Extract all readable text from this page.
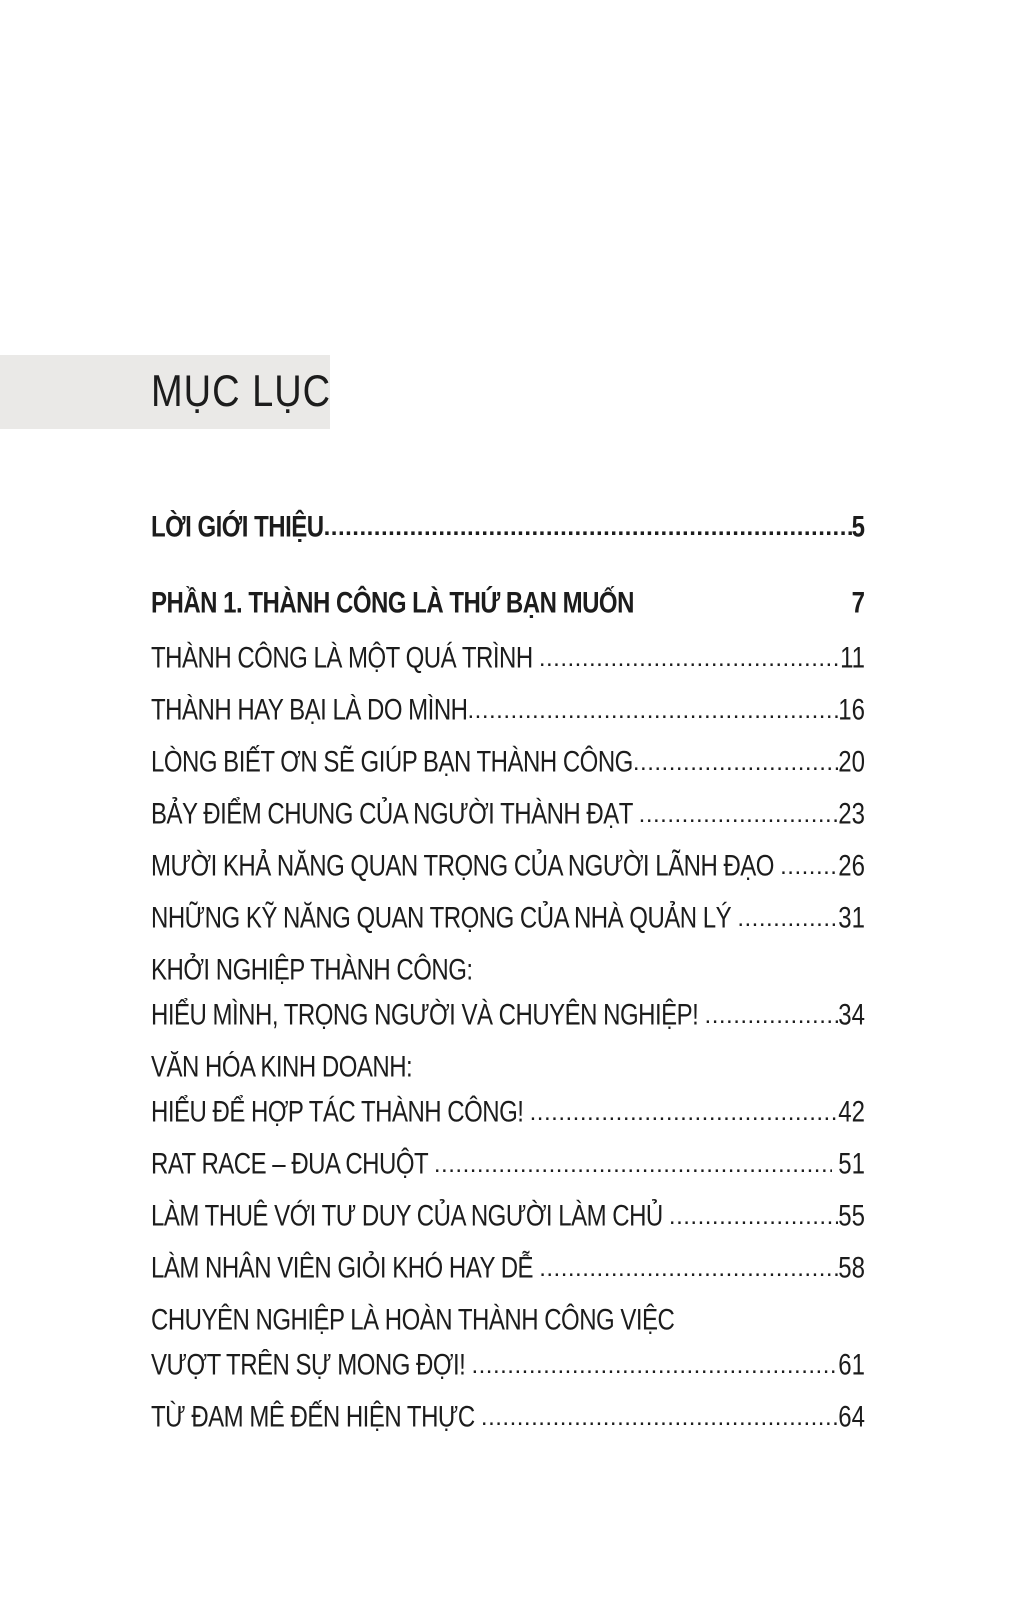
MỤC LỤC
LỜI GIỚI THIỆU .....	5
PHẦN 1. THÀNH CÔNG LÀ THỨ BẠN MUỐN	7
THÀNH CÔNG LÀ MỘT QUÁ TRÌNH .....	11
THÀNH HAY BẠI LÀ DO MÌNH .....	16
LÒNG BIẾT ƠN SẼ GIÚP BẠN THÀNH CÔNG .....	20
BẢY ĐIỂM CHUNG CỦA NGƯỜI THÀNH ĐẠT .....	23
MƯỜI KHẢ NĂNG QUAN TRỌNG CỦA NGƯỜI LÃNH ĐẠO ..... 26
NHỮNG KỸ NĂNG QUAN TRỌNG CỦA NHÀ QUẢN LÝ .....	31
KHỞI NGHIỆP THÀNH CÔNG:
HIỂU MÌNH, TRỌNG NGƯỜI VÀ CHUYÊN NGHIỆP! .....	34
VĂN HÓA KINH DOANH:
HIỂU ĐỂ HỢP TÁC THÀNH CÔNG! .....	42
RAT RACE – ĐUA CHUỘT .....	51
LÀM THUÊ VỚI TƯ DUY CỦA NGƯỜI LÀM CHỦ .....	55
LÀM NHÂN VIÊN GIỎI KHÓ HAY DỄ .....	58
CHUYÊN NGHIỆP LÀ HOÀN THÀNH CÔNG VIỆC
VƯỢT TRÊN SỰ MONG ĐỢI! .....	61
TỪ ĐAM MÊ ĐẾN HIỆN THỰC .....	64
